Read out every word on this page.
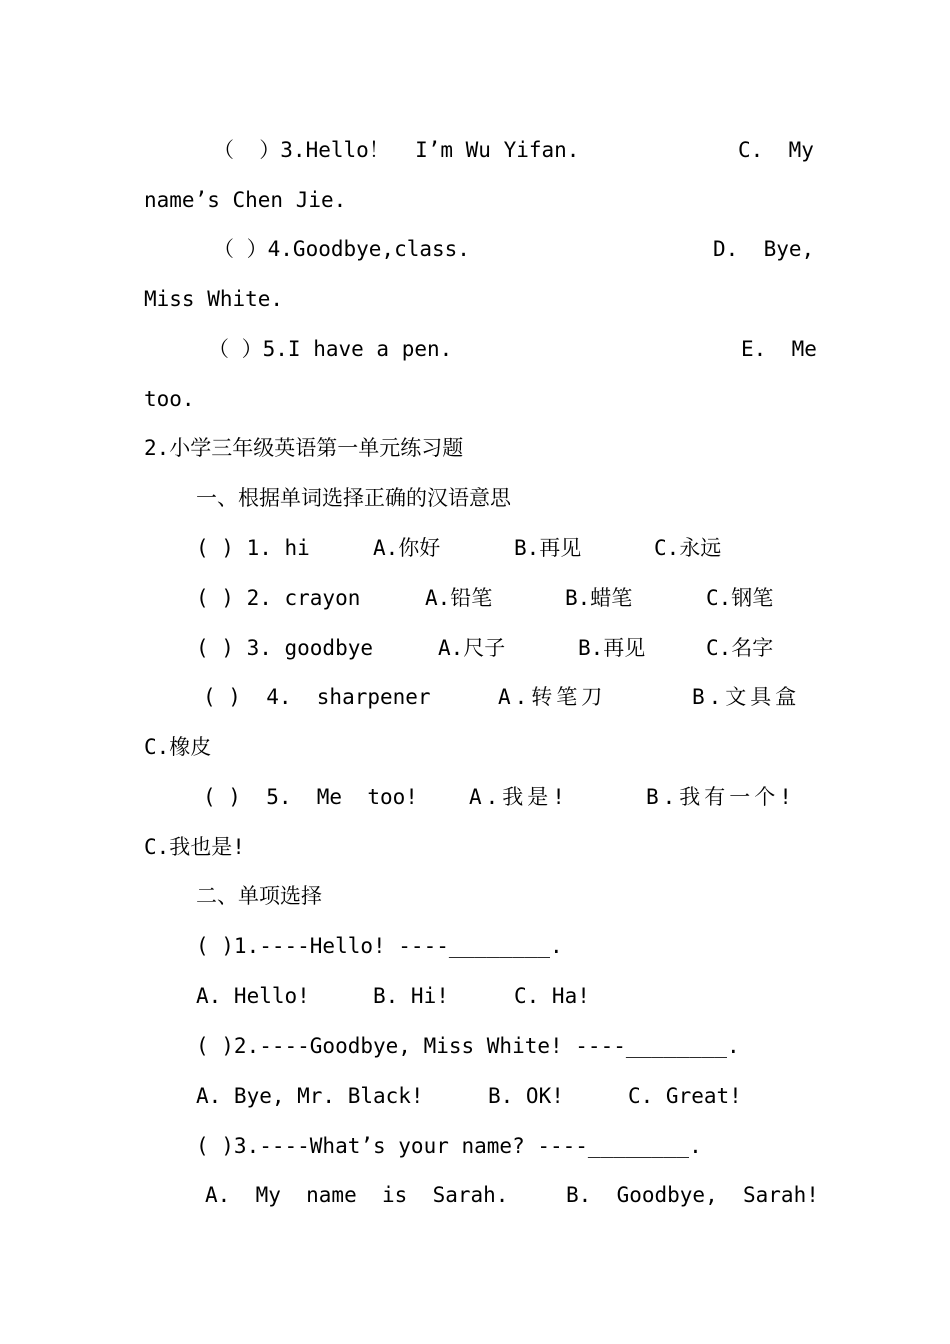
（  ）3.Hello！  I’m Wu Yifan.

	C.  My

name’s Chen Jie.

（ ）4.Goodbye,class.

	D.  Bye,

Miss White.

（ ）5.I have a pen.

	E.  Me

too.

2.小学三年级英语第一单元练习题

一、根据单词选择正确的汉语意思

( ) 1. hi

	A.你好

	B.再见

	C.永远

( ) 2. crayon

	A.铅笔

	B.蜡笔

	C.钢笔

( ) 3. goodbye

	A.尺子

	B.再见

	C.名字

( )  4.  sharpener

	A.转笔刀

	B.文具盒

C.橡皮

( )  5.  Me  too!

A.我是!

	B.我有一个!

C.我也是!

二、单项选择

( )1.----Hello! ----________.

A. Hello!

	B. Hi!

	C. Ha!

( )2.----Goodbye, Miss White! ----________.

A. Bye, Mr. Black!

	B. OK!

	C. Great!

( )3.----What’s your name? ----________.

A.  My  name  is  Sarah.

	B.  Goodbye,  Sarah!
